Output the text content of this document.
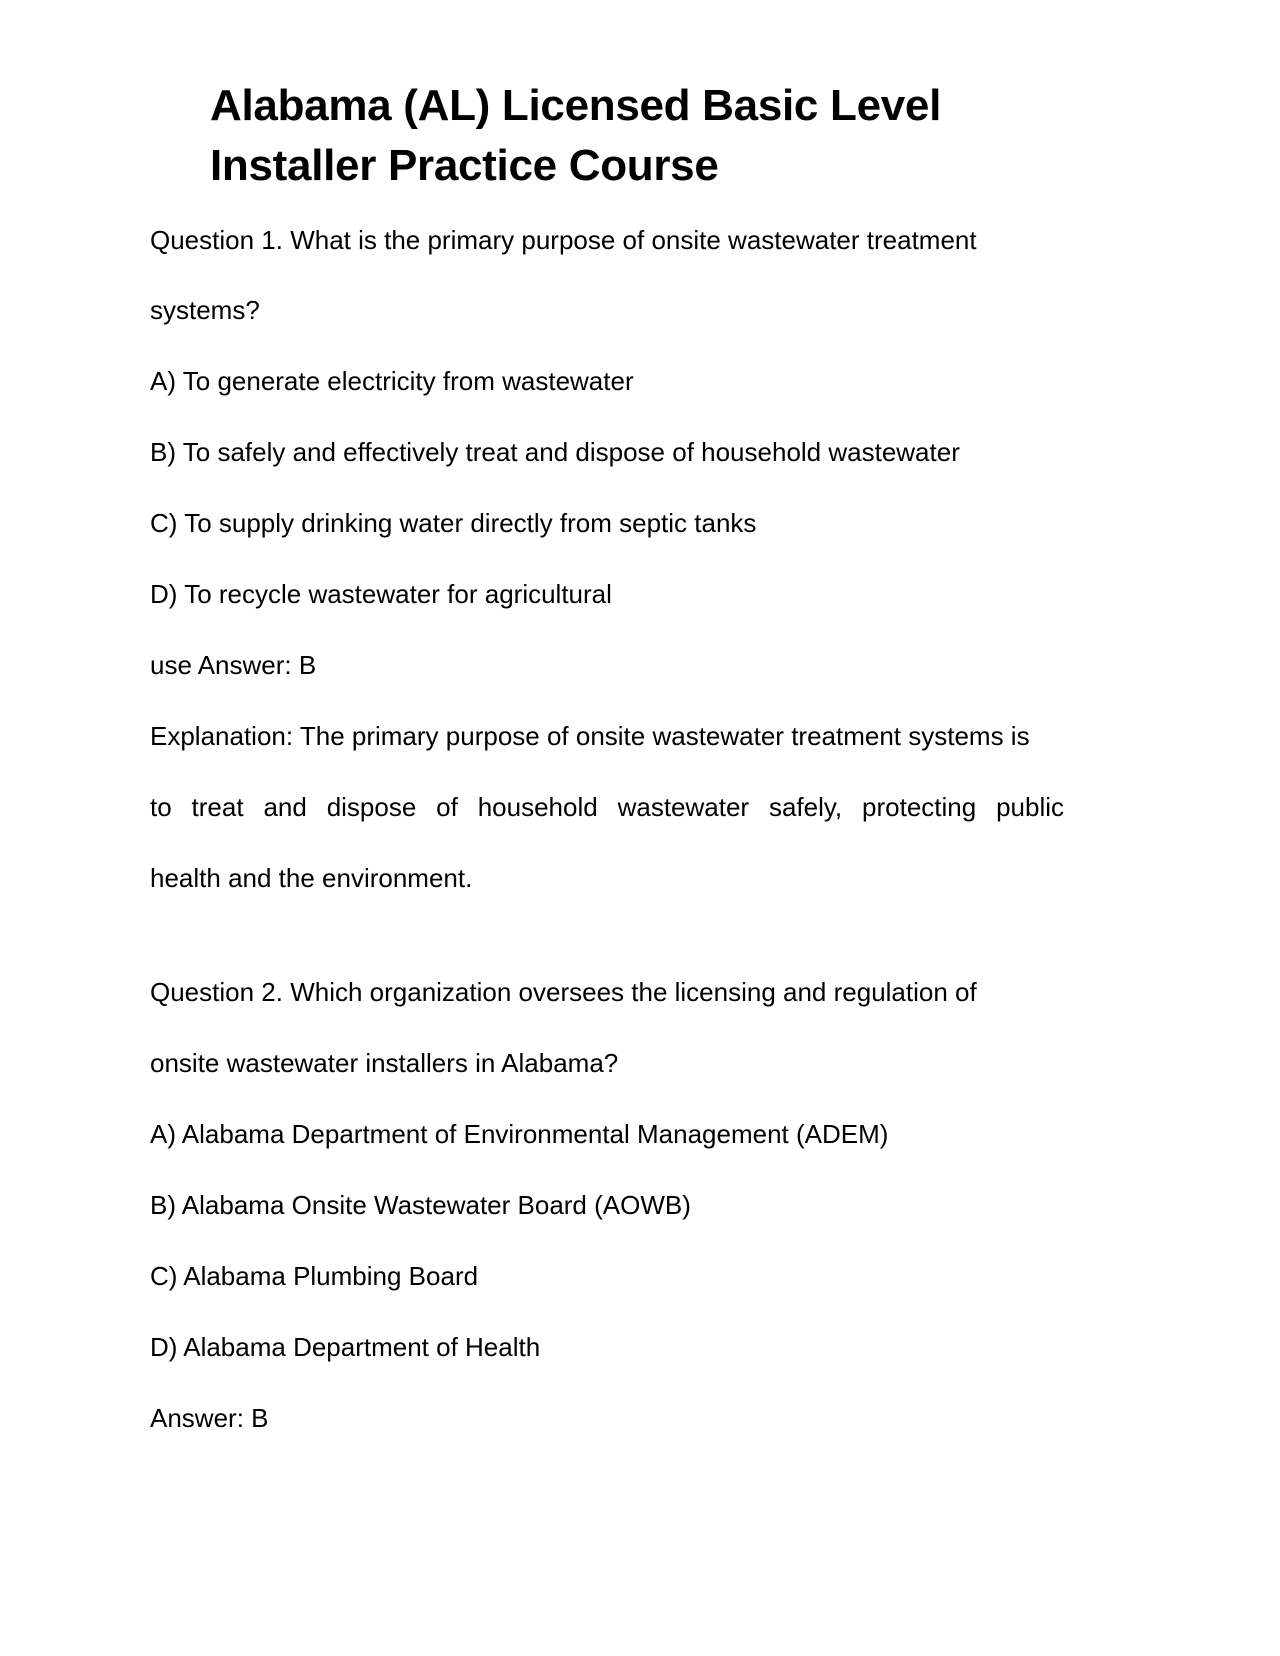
Alabama (AL) Licensed Basic Level
Installer Practice Course

Question 1. What is the primary purpose of onsite wastewater treatment

systems?

A) To generate electricity from wastewater

B) To safely and effectively treat and dispose of household wastewater

C) To supply drinking water directly from septic tanks

D) To recycle wastewater for agricultural

use Answer: B

Explanation: The primary purpose of onsite wastewater treatment systems is

to treat and dispose of household wastewater safely, protecting public

health and the environment.

Question 2. Which organization oversees the licensing and regulation of

onsite wastewater installers in Alabama?

A) Alabama Department of Environmental Management (ADEM)

B) Alabama Onsite Wastewater Board (AOWB)

C) Alabama Plumbing Board

D) Alabama Department of Health

Answer: B
